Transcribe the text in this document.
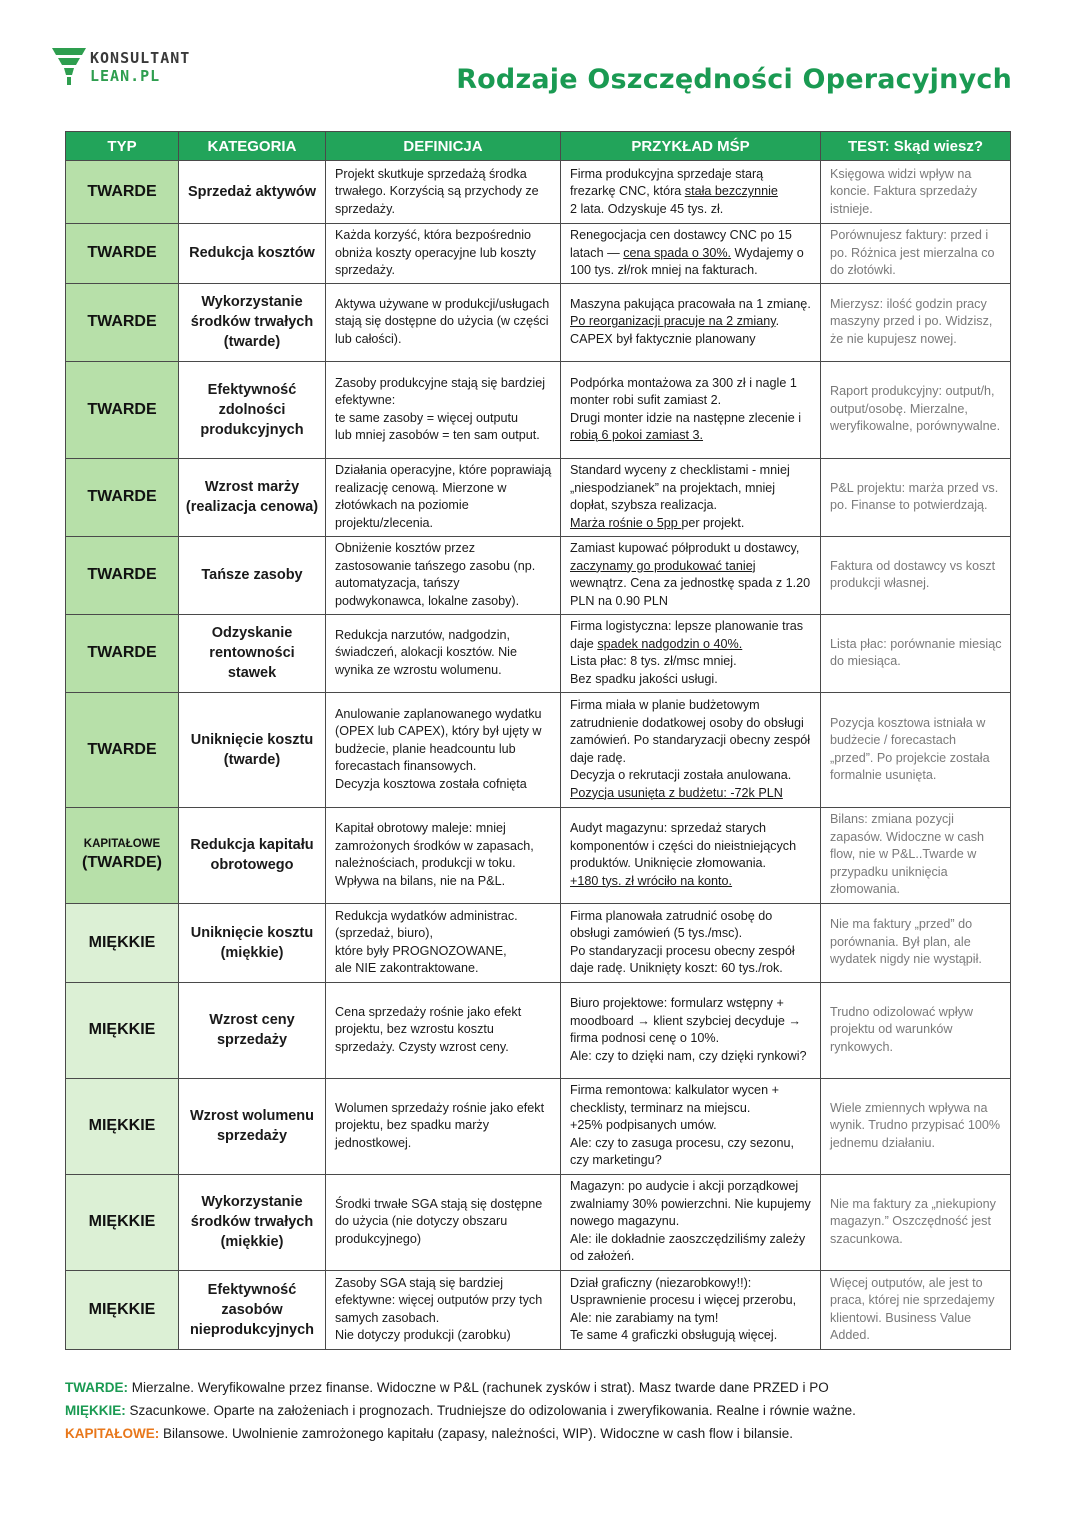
KONSULTANT
LEAN.PL	Rodzaje Oszczędności Operacyjnych
TYP	KATEGORIA	DEFINICJA	PRZYKŁAD MŚP	TEST: Skąd wiesz?
TWARDE	Sprzedaż aktywów	Projekt skutkuje sprzedażą środka trwałego. Korzyścią są przychody ze sprzedaży.	Firma produkcyjna sprzedaje starą frezarkę CNC, która stała bezczynnie
2 lata. Odzyskuje 45 tys. zł.	Księgowa widzi wpływ na koncie. Faktura sprzedaży istnieje.
TWARDE	Redukcja kosztów	Każda korzyść, która bezpośrednio obniża koszty operacyjne lub koszty sprzedaży.	Renegocjacja cen dostawcy CNC po 15 latach — cena spada o 30%. Wydajemy o 100 tys. zł/rok mniej na fakturach.	Porównujesz faktury: przed i po. Różnica jest mierzalna co do złotówki.
TWARDE	Wykorzystanie środków trwałych (twarde)	Aktywa używane w produkcji/usługach stają się dostępne do użycia (w części lub całości).	Maszyna pakująca pracowała na 1 zmianę. Po reorganizacji pracuje na 2 zmiany. CAPEX był faktycznie planowany	Mierzysz: ilość godzin pracy maszyny przed i po. Widzisz, że nie kupujesz nowej.
TWARDE	Efektywność zdolności produkcyjnych	Zasoby produkcyjne stają się bardziej efektywne:
te same zasoby = więcej outputu
lub mniej zasobów = ten sam output.	Podpórka montażowa za 300 zł i nagle 1 monter robi sufit zamiast 2.
Drugi monter idzie na następne zlecenie i robią 6 pokoi zamiast 3.	Raport produkcyjny: output/h, output/osobę. Mierzalne, weryfikowalne, porównywalne.
TWARDE	Wzrost marży (realizacja cenowa)	Działania operacyjne, które poprawiają realizację cenową. Mierzone w złotówkach na poziomie projektu/zlecenia.	Standard wyceny z checklistami - mniej „niespodzianek” na projektach, mniej dopłat, szybsza realizacja.
Marża rośnie o 5pp per projekt.	P&L projektu: marża przed vs. po. Finanse to potwierdzają.
TWARDE	Tańsze zasoby	Obniżenie kosztów przez zastosowanie tańszego zasobu (np. automatyzacja, tańszy podwykonawca, lokalne zasoby).	Zamiast kupować półprodukt u dostawcy, zaczynamy go produkować taniej wewnątrz. Cena za jednostkę spada z 1.20 PLN na 0.90 PLN	Faktura od dostawcy vs koszt produkcji własnej.
TWARDE	Odzyskanie rentowności stawek	Redukcja narzutów, nadgodzin, świadczeń, alokacji kosztów. Nie wynika ze wzrostu wolumenu.	Firma logistyczna: lepsze planowanie tras daje spadek nadgodzin o 40%.
Lista płac: 8 tys. zł/msc mniej.
Bez spadku jakości usługi.	Lista płac: porównanie miesiąc do miesiąca.
TWARDE	Uniknięcie kosztu (twarde)	Anulowanie zaplanowanego wydatku (OPEX lub CAPEX), który był ujęty w budżecie, planie headcountu lub forecastach finansowych.
Decyzja kosztowa została cofnięta	Firma miała w planie budżetowym zatrudnienie dodatkowej osoby do obsługi zamówień. Po standaryzacji obecny zespół daje radę.
Decyzja o rekrutacji została anulowana.
Pozycja usunięta z budżetu: -72k PLN	Pozycja kosztowa istniała w budżecie / forecastach „przed”. Po projekcie została formalnie usunięta.

KAPITAŁOWE
(TWARDE)	Redukcja kapitału obrotowego	Kapitał obrotowy maleje: mniej zamrożonych środków w zapasach, należnościach, produkcji w toku. Wpływa na bilans, nie na P&L.	Audyt magazynu: sprzedaż starych komponentów i części do nieistniejących produktów. Uniknięcie złomowania.
+180 tys. zł wróciło na konto.	Bilans: zmiana pozycji zapasów. Widoczne w cash flow, nie w P&L..Twarde w przypadku uniknięcia złomowania.
MIĘKKIE	Uniknięcie kosztu (miękkie)	Redukcja wydatków administrac.
(sprzedaż, biuro),
które były PROGNOZOWANE,
ale NIE zakontraktowane.	Firma planowała zatrudnić osobę do obsługi zamówień (5 tys./msc).
Po standaryzacji procesu obecny zespół daje radę. Uniknięty koszt: 60 tys./rok.	Nie ma faktury „przed” do porównania. Był plan, ale wydatek nigdy nie wystąpił.
MIĘKKIE	Wzrost ceny sprzedaży	Cena sprzedaży rośnie jako efekt projektu, bez wzrostu kosztu sprzedaży. Czysty wzrost ceny.	Biuro projektowe: formularz wstępny + moodboard → klient szybciej decyduje → firma podnosi cenę o 10%.
Ale: czy to dzięki nam, czy dzięki rynkowi?	Trudno odizolować wpływ projektu od warunków rynkowych.
MIĘKKIE	Wzrost wolumenu sprzedaży	Wolumen sprzedaży rośnie jako efekt projektu, bez spadku marży jednostkowej.	Firma remontowa: kalkulator wycen + checklisty, terminarz na miejscu.
+25% podpisanych umów.
Ale: czy to zasuga procesu, czy sezonu, czy marketingu?	Wiele zmiennych wpływa na wynik. Trudno przypisać 100% jednemu działaniu.
MIĘKKIE	Wykorzystanie środków trwałych (miękkie)	Środki trwałe SGA stają się dostępne do użycia (nie dotyczy obszaru produkcyjnego)	Magazyn: po audycie i akcji porządkowej zwalniamy 30% powierzchni. Nie kupujemy nowego magazynu.
Ale: ile dokładnie zaoszczędziliśmy zależy od założeń.	Nie ma faktury za „niekupiony magazyn.” Oszczędność jest szacunkowa.
MIĘKKIE	Efektywność zasobów nieprodukcyjnych	Zasoby SGA stają się bardziej efektywne: więcej outputów przy tych samych zasobach.
Nie dotyczy produkcji (zarobku)	Dział graficzny (niezarobkowy!!):
Usprawnienie procesu i więcej przerobu,
Ale: nie zarabiamy na tym!
Te same 4 graficzki obsługują więcej.	Więcej outputów, ale jest to praca, której nie sprzedajemy klientowi. Business Value Added.
TWARDE: Mierzalne. Weryfikowalne przez finanse. Widoczne w P&L (rachunek zysków i strat). Masz twarde dane PRZED i PO
MIĘKKIE: Szacunkowe. Oparte na założeniach i prognozach. Trudniejsze do odizolowania i zweryfikowania. Realne i równie ważne.
KAPITAŁOWE: Bilansowe. Uwolnienie zamrożonego kapitału (zapasy, należności, WIP). Widoczne w cash flow i bilansie.
